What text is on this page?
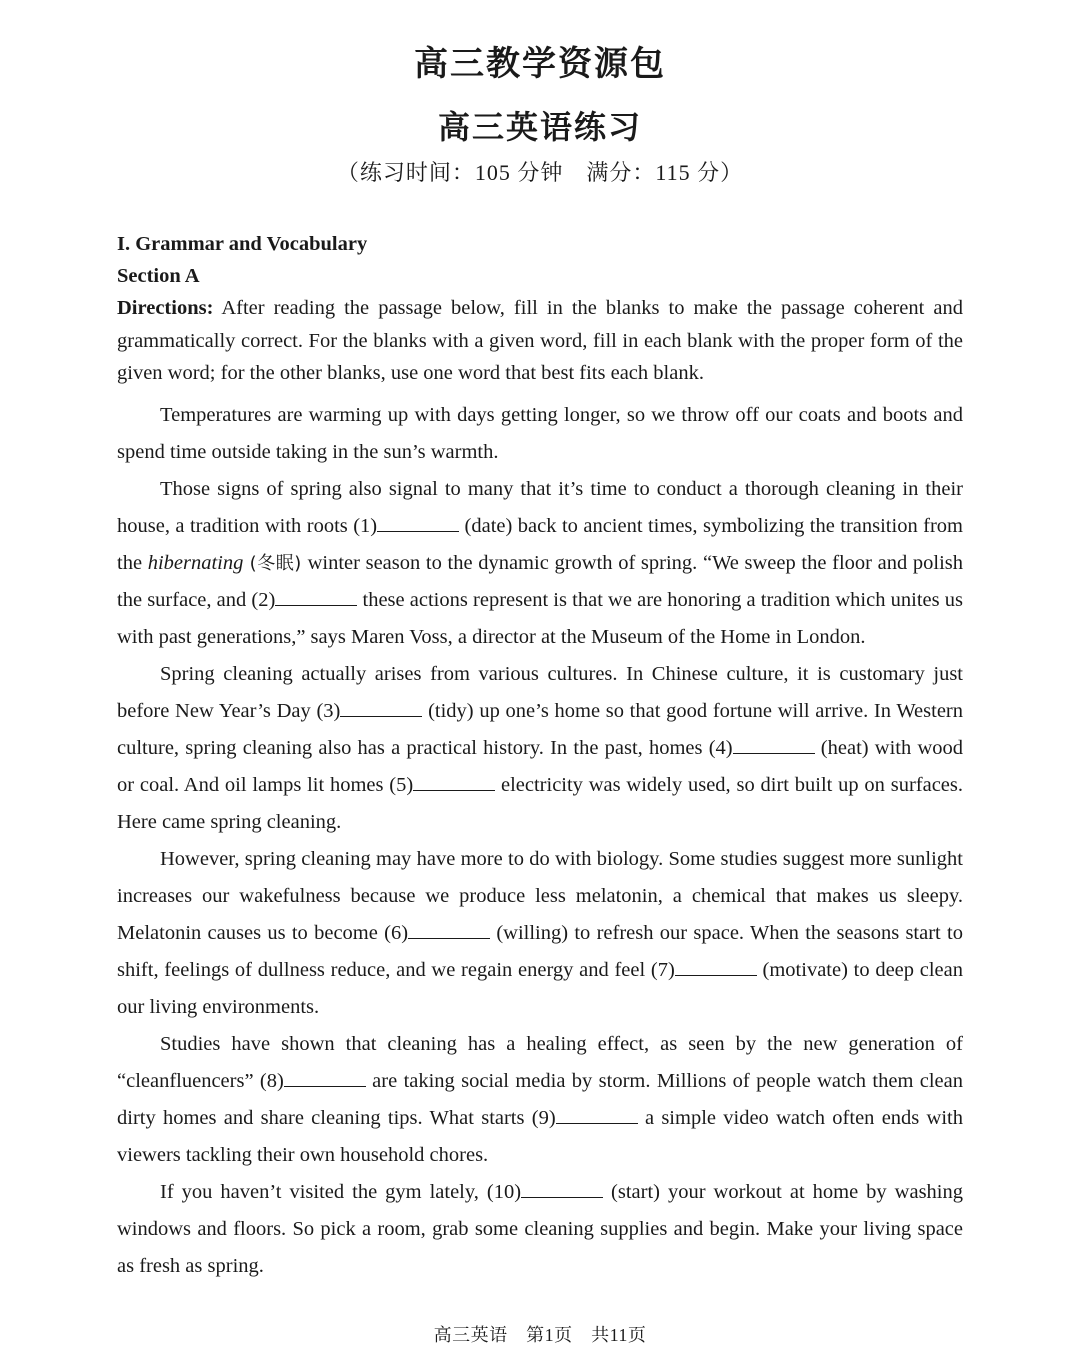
高三教学资源包
高三英语练习
（练习时间：105 分钟　满分：115 分）
I. Grammar and Vocabulary
Section A
Directions: After reading the passage below, fill in the blanks to make the passage coherent and grammatically correct. For the blanks with a given word, fill in each blank with the proper form of the given word; for the other blanks, use one word that best fits each blank.

Temperatures are warming up with days getting longer, so we throw off our coats and boots and spend time outside taking in the sun’s warmth.

Those signs of spring also signal to many that it’s time to conduct a thorough cleaning in their house, a tradition with roots (1)	(date) back to ancient times, symbolizing the transition from the hibernating (冬眠) winter season to the dynamic growth of spring. “We sweep the floor and polish the surface, and (2)	these actions represent is that we are honoring a tradition which unites us with past generations,” says Maren Voss, a director at the Museum of the Home in London.

Spring cleaning actually arises from various cultures. In Chinese culture, it is customary just before New Year’s Day (3)	(tidy) up one’s home so that good fortune will arrive. In Western culture, spring cleaning also has a practical history. In the past, homes (4)	(heat) with wood or coal. And oil lamps lit homes (5)	electricity was widely used, so dirt built up on surfaces. Here came spring cleaning.

However, spring cleaning may have more to do with biology. Some studies suggest more sunlight increases our wakefulness because we produce less melatonin, a chemical that makes us sleepy. Melatonin causes us to become (6)	(willing) to refresh our space. When the seasons start to shift, feelings of dullness reduce, and we regain energy and feel (7)	(motivate) to deep clean our living environments.

Studies have shown that cleaning has a healing effect, as seen by the new generation of “cleanfluencers” (8)	are taking social media by storm. Millions of people watch them clean dirty homes and share cleaning tips. What starts (9)	a simple video watch often ends with viewers tackling their own household chores.

If you haven’t visited the gym lately, (10)	(start) your workout at home by washing windows and floors. So pick a room, grab some cleaning supplies and begin. Make your living space as fresh as spring.

高三英语　第1页　共11页
